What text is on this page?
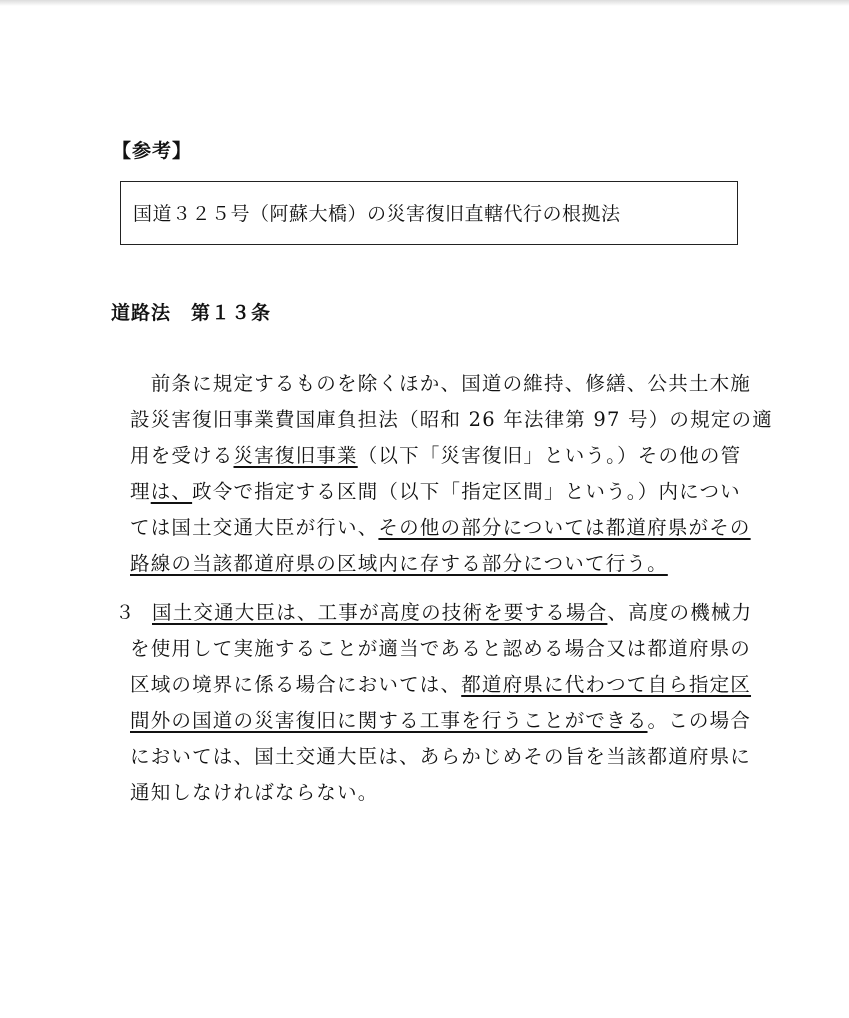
【参考】
国道３２５号（阿蘇大橋）の災害復旧直轄代行の根拠法
道路法　第１３条
　前条に規定するものを除くほか、国道の維持、修繕、公共土木施
設災害復旧事業費国庫負担法（昭和 26 年法律第 97 号）の規定の適
用を受ける災害復旧事業（以下「災害復旧」という。）その他の管
理は、政令で指定する区間（以下「指定区間」という。）内につい
ては国土交通大臣が行い、その他の部分については都道府県がその
路線の当該都道府県の区域内に存する部分について行う。
３ 国土交通大臣は、工事が高度の技術を要する場合、高度の機械力
を使用して実施することが適当であると認める場合又は都道府県の
区域の境界に係る場合においては、都道府県に代わつて自ら指定区
間外の国道の災害復旧に関する工事を行うことができる。この場合
においては、国土交通大臣は、あらかじめその旨を当該都道府県に
通知しなければならない。
